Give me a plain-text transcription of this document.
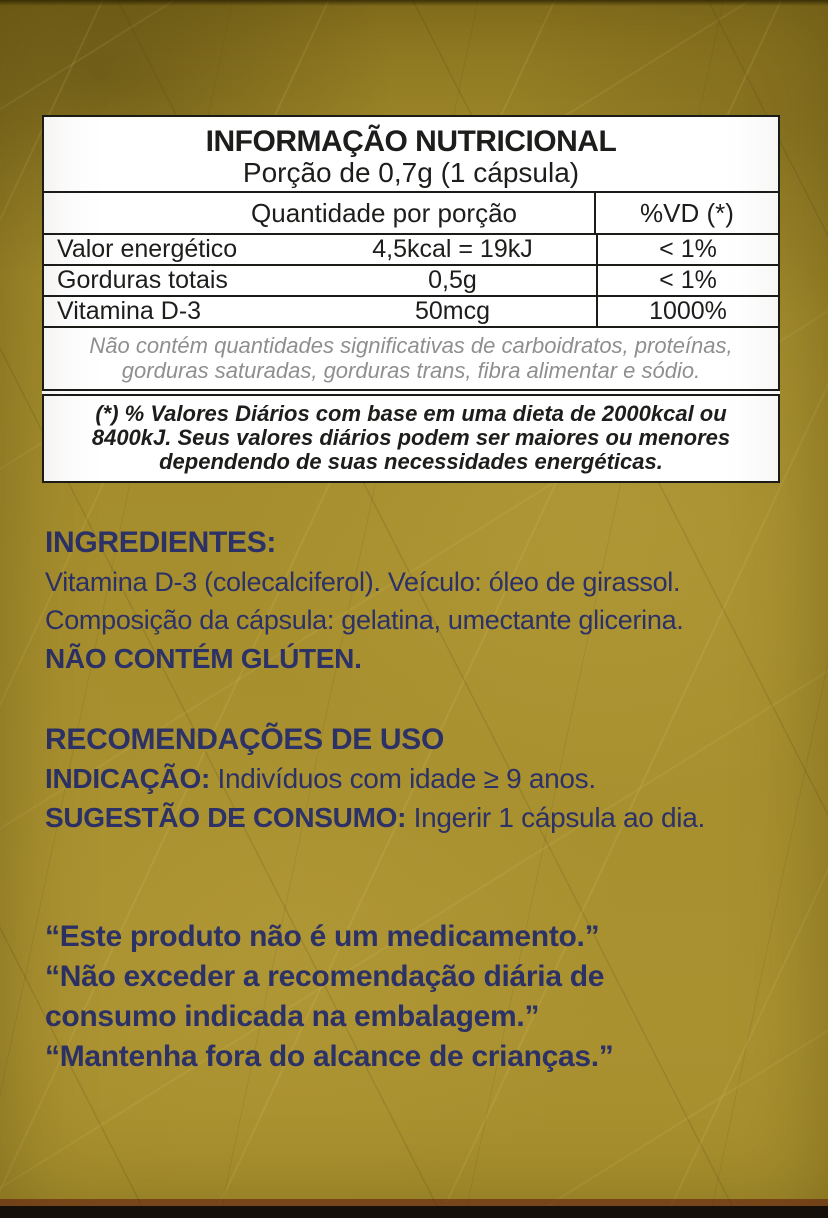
INFORMAÇÃO NUTRICIONAL
Porção de 0,7g (1 cápsula)
Quantidade por porção	%VD (*)
Valor energético	4,5kcal = 19kJ	< 1%
Gorduras totais	0,5g	< 1%
Vitamina D-3	50mcg	1000%
Não contém quantidades significativas de carboidratos, proteínas, gorduras saturadas, gorduras trans, fibra alimentar e sódio.
(*) % Valores Diários com base em uma dieta de 2000kcal ou 8400kJ. Seus valores diários podem ser maiores ou menores dependendo de suas necessidades energéticas.
INGREDIENTES:
Vitamina D-3 (colecalciferol). Veículo: óleo de girassol.
Composição da cápsula: gelatina, umectante glicerina.
NÃO CONTÉM GLÚTEN.
RECOMENDAÇÕES DE USO
INDICAÇÃO: Indivíduos com idade ≥ 9 anos.
SUGESTÃO DE CONSUMO: Ingerir 1 cápsula ao dia.
“Este produto não é um medicamento.”
“Não exceder a recomendação diária de consumo indicada na embalagem.”
“Mantenha fora do alcance de crianças.”
